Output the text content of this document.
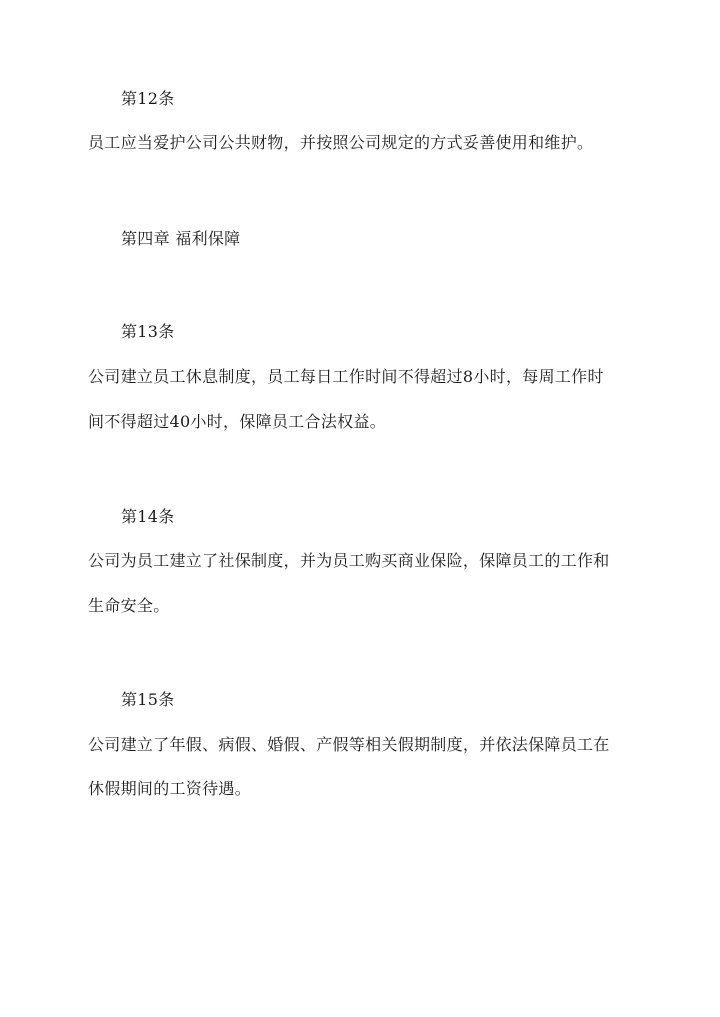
第12条
员工应当爱护公司公共财物，并按照公司规定的方式妥善使用和维护。
第四章 福利保障
第13条
公司建立员工休息制度，员工每日工作时间不得超过8小时，每周工作时
间不得超过40小时，保障员工合法权益。
第14条
公司为员工建立了社保制度，并为员工购买商业保险，保障员工的工作和
生命安全。
第15条
公司建立了年假、病假、婚假、产假等相关假期制度，并依法保障员工在
休假期间的工资待遇。
